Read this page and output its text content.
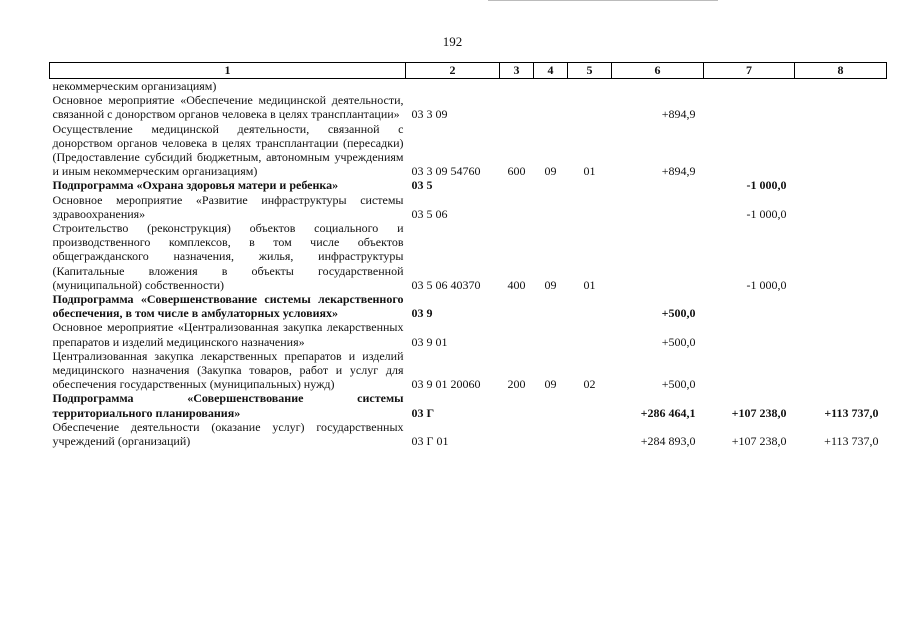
192
1	2	3	4	5	6	7	8
некоммерческим организациям)							
Основное мероприятие «Обеспечение медицинской деятельности, связанной с донорством органов человека в целях трансплантации»	03 3 09				+894,9		
Осуществление медицинской деятельности, связанной с донорством органов человека в целях трансплантации (пересадки) (Предоставление субсидий бюджетным, автономным учреждениям и иным некоммерческим организациям)	03 3 09 54760	600	09	01	+894,9		
Подпрограмма «Охрана здоровья матери и ребенка»	03 5					-1 000,0	
Основное мероприятие «Развитие инфраструктуры системы здравоохранения»	03 5 06					-1 000,0	
Строительство (реконструкция) объектов социального и производственного комплексов, в том числе объектов общегражданского назначения, жилья, инфраструктуры (Капитальные вложения в объекты государственной (муниципальной) собственности)	03 5 06 40370	400	09	01		-1 000,0	
Подпрограмма «Совершенствование системы лекарственного обеспечения, в том числе в амбулаторных условиях»	03 9				+500,0		
Основное мероприятие «Централизованная закупка лекарственных препаратов и изделий медицинского назначения»	03 9 01				+500,0		
Централизованная закупка лекарственных препаратов и изделий медицинского назначения (Закупка товаров, работ и услуг для обеспечения государственных (муниципальных) нужд)	03 9 01 20060	200	09	02	+500,0		
Подпрограмма «Совершенствование системы территориального планирования»	03 Г				+286 464,1	+107 238,0	+113 737,0
Обеспечение деятельности (оказание услуг) государственных учреждений (организаций)	03 Г 01				+284 893,0	+107 238,0	+113 737,0
